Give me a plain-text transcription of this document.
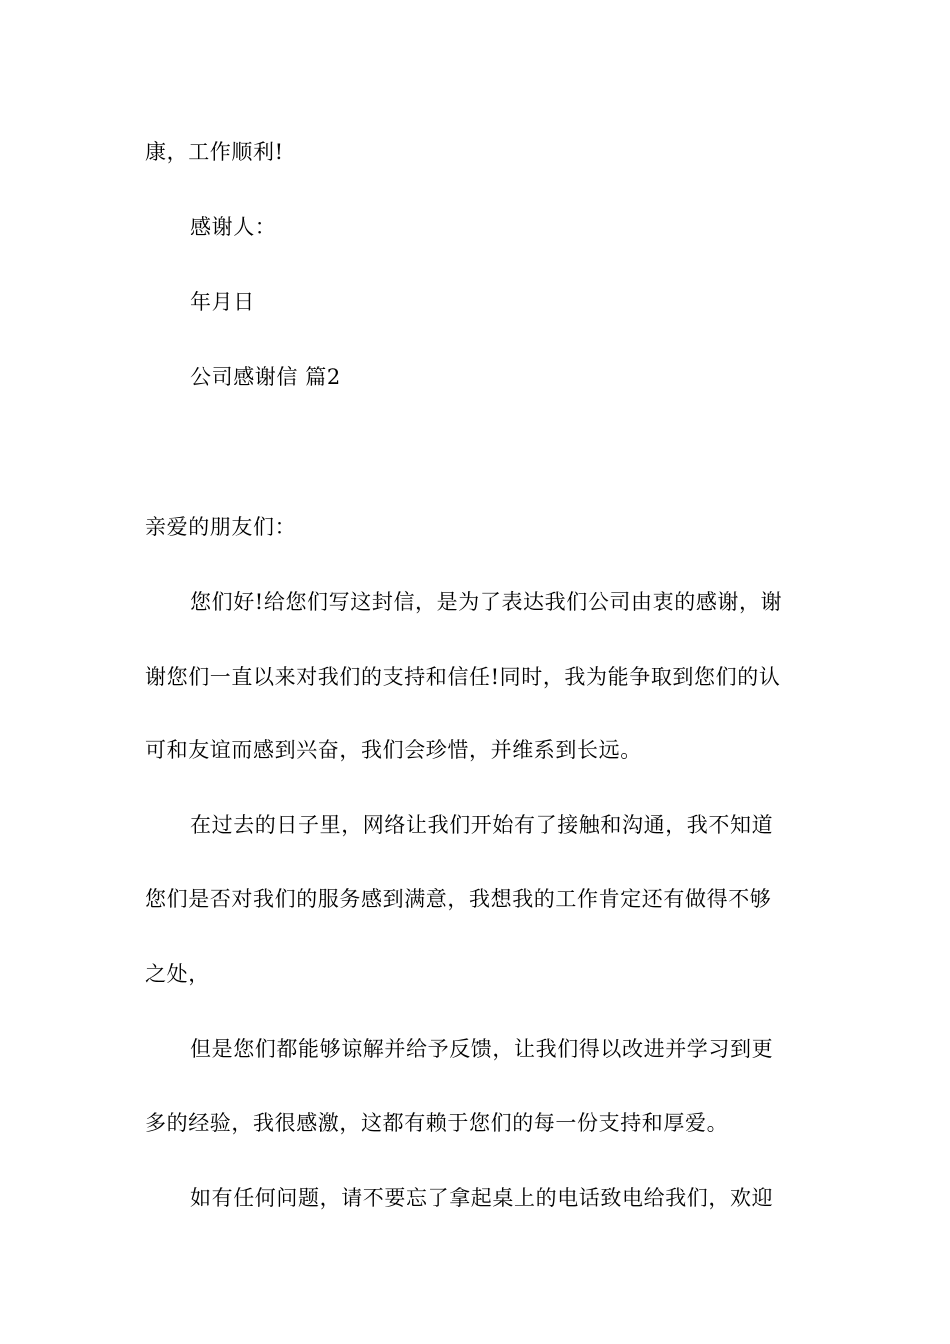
康，工作顺利!
感谢人：
年月日
公司感谢信 篇2
亲爱的朋友们：
您们好!给您们写这封信，是为了表达我们公司由衷的感谢，谢
谢您们一直以来对我们的支持和信任!同时，我为能争取到您们的认
可和友谊而感到兴奋，我们会珍惜，并维系到长远。
在过去的日子里，网络让我们开始有了接触和沟通，我不知道
您们是否对我们的服务感到满意，我想我的工作肯定还有做得不够
之处，
但是您们都能够谅解并给予反馈，让我们得以改进并学习到更
多的经验，我很感激，这都有赖于您们的每一份支持和厚爱。
如有任何问题，请不要忘了拿起桌上的电话致电给我们，欢迎
